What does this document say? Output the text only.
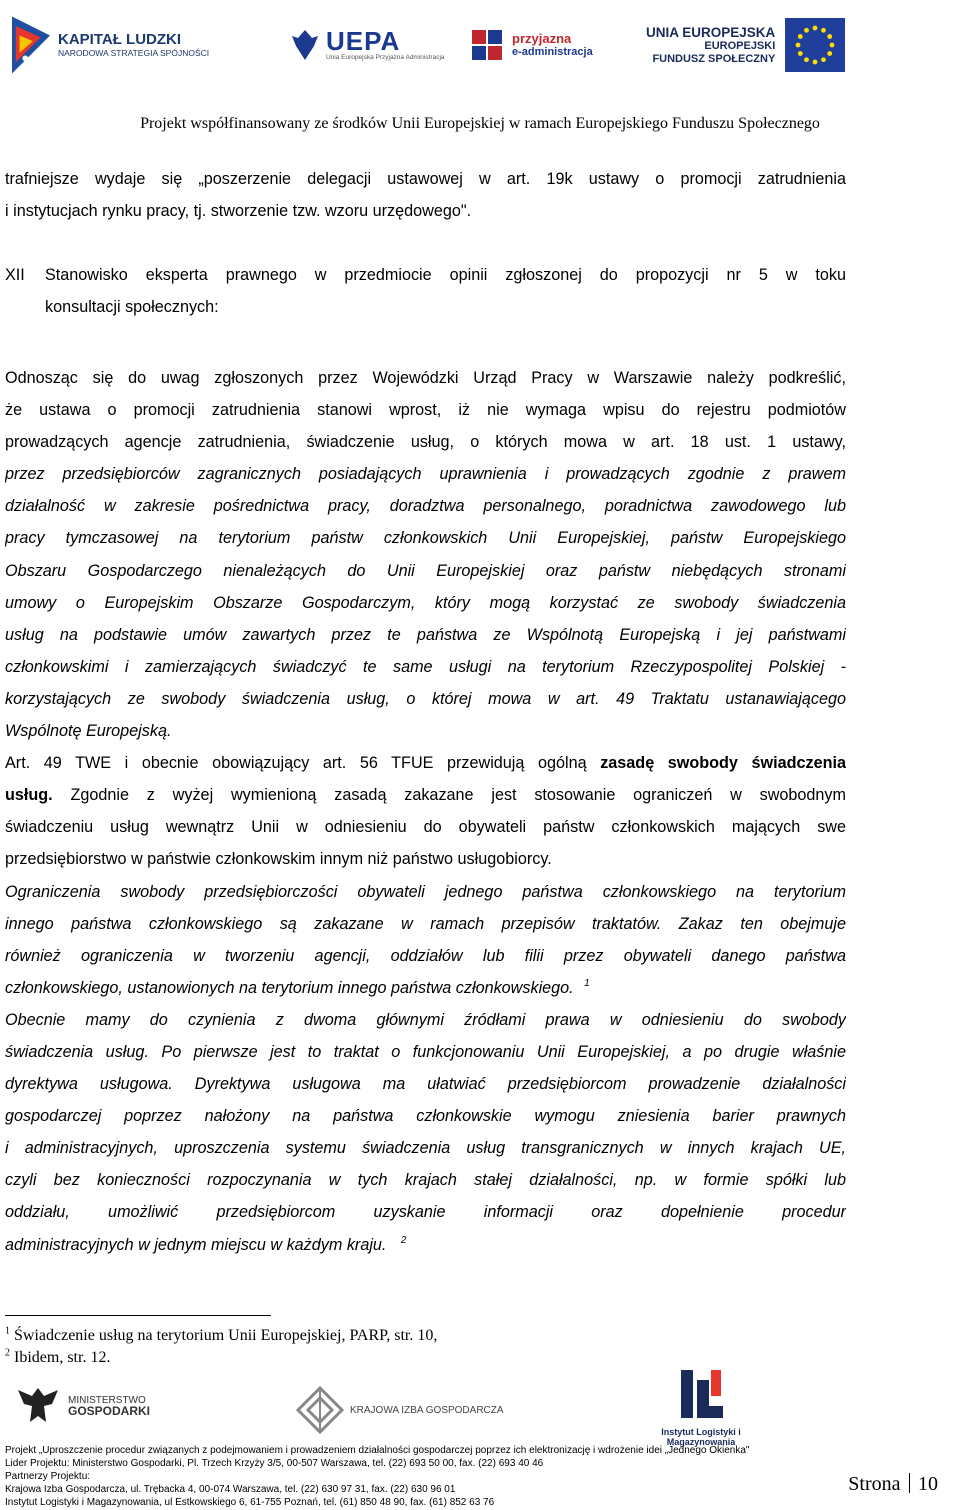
KAPITAŁ LUDZKI
NARODOWA STRATEGIA SPÓJNOŚCI	UEPA
Unia Europejska Przyjazna Administracja
przyjazna
e-administracja
UNIA EUROPEJSKA
EUROPEJSKI
FUNDUSZ SPOŁECZNY
Projekt współfinansowany ze środków Unii Europejskiej w ramach Europejskiego Funduszu Społecznego
trafniejsze wydaje się „poszerzenie delegacji ustawowej w art. 19k ustawy o promocji zatrudnienia
i instytucjach rynku pracy, tj. stworzenie tzw. wzoru urzędowego".
XII Stanowisko eksperta prawnego w przedmiocie opinii zgłoszonej do propozycji nr 5 w toku
konsultacji społecznych:
Odnosząc się do uwag zgłoszonych przez Wojewódzki Urząd Pracy w Warszawie należy podkreślić,
że ustawa o promocji zatrudnienia stanowi wprost, iż nie wymaga wpisu do rejestru podmiotów
prowadzących agencje zatrudnienia, świadczenie usług, o których mowa w art. 18 ust. 1 ustawy,
przez przedsiębiorców zagranicznych posiadających uprawnienia i prowadzących zgodnie z prawem
działalność w zakresie pośrednictwa pracy, doradztwa personalnego, poradnictwa zawodowego lub
pracy tymczasowej na terytorium państw członkowskich Unii Europejskiej, państw Europejskiego
Obszaru Gospodarczego nienależących do Unii Europejskiej oraz państw niebędących stronami
umowy o Europejskim Obszarze Gospodarczym, który mogą korzystać ze swobody świadczenia
usług na podstawie umów zawartych przez te państwa ze Wspólnotą Europejską i jej państwami
członkowskimi i zamierzających świadczyć te same usługi na terytorium Rzeczypospolitej Polskiej -
korzystających ze swobody świadczenia usług, o której mowa w art. 49 Traktatu ustanawiającego
Wspólnotę Europejską.
Art. 49 TWE i obecnie obowiązujący art. 56 TFUE przewidują ogólną zasadę swobody świadczenia
usług. Zgodnie z wyżej wymienioną zasadą zakazane jest stosowanie ograniczeń w swobodnym
świadczeniu usług wewnątrz Unii w odniesieniu do obywateli państw członkowskich mających swe
przedsiębiorstwo w państwie członkowskim innym niż państwo usługobiorcy.
Ograniczenia swobody przedsiębiorczości obywateli jednego państwa członkowskiego na terytorium
innego państwa członkowskiego są zakazane w ramach przepisów traktatów. Zakaz ten obejmuje
również ograniczenia w tworzeniu agencji, oddziałów lub filii przez obywateli danego państwa
członkowskiego, ustanowionych na terytorium innego państwa członkowskiego. $^1$
Obecnie mamy do czynienia z dwoma głównymi źródłami prawa w odniesieniu do swobody
świadczenia usług. Po pierwsze jest to traktat o funkcjonowaniu Unii Europejskiej, a po drugie właśnie
dyrektywa usługowa. Dyrektywa usługowa ma ułatwiać przedsiębiorcom prowadzenie działalności
gospodarczej poprzez nałożony na państwa członkowskie wymogu zniesienia barier prawnych
i administracyjnych, uproszczenia systemu świadczenia usług transgranicznych w innych krajach UE,
czyli bez konieczności rozpoczynania w tych krajach stałej działalności, np. w formie spółki lub
oddziału, umożliwić przedsiębiorcom uzyskanie informacji oraz dopełnienie procedur
administracyjnych w jednym miejscu w każdym kraju. $^2$
$^1$ Świadczenie usług na terytorium Unii Europejskiej, PARP, str. 10,
$^2$ Ibidem, str. 12.
MINISTERSTWO
GOSPODARKI	KRAJOWA IZBA GOSPODARCZA
Instytut Logistyki i Magazynowania
Projekt „Uproszczenie procedur związanych z podejmowaniem i prowadzeniem działalności gospodarczej poprzez ich elektronizację i wdrożenie idei „Jednego Okienka"
Lider Projektu: Ministerstwo Gospodarki, Pl. Trzech Krzyży 3/5, 00-507 Warszawa, tel. (22) 693 50 00, fax. (22) 693 40 46
Partnerzy Projektu:
Krajowa Izba Gospodarcza, ul. Trębacka 4, 00-074 Warszawa, tel. (22) 630 97 31, fax. (22) 630 96 01
Instytut Logistyki i Magazynowania, ul Estkowskiego 6, 61-755 Poznań, tel. (61) 850 48 90, fax. (61) 852 63 76
Strona 10
